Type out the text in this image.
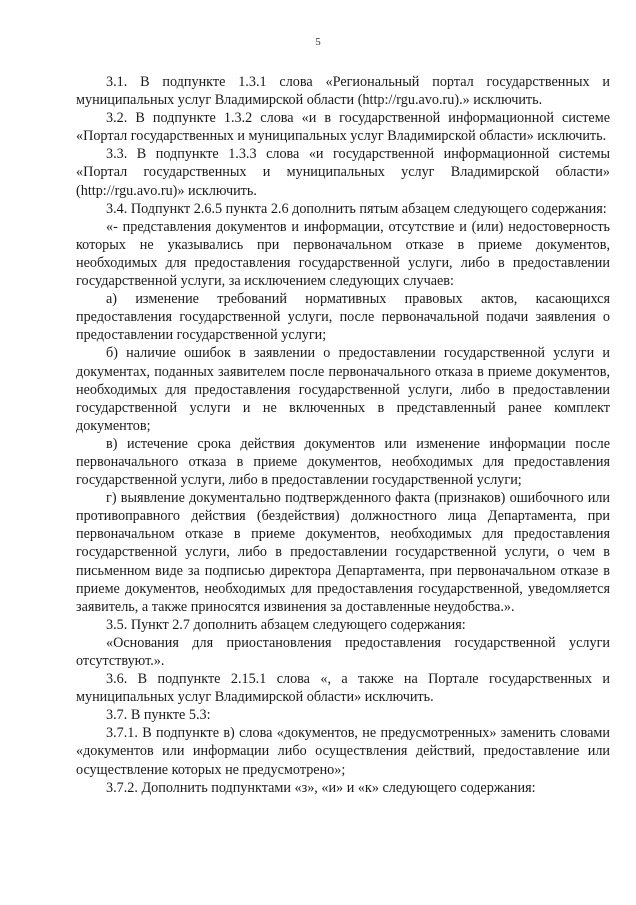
5

3.1. В подпункте 1.3.1 слова «Региональный портал государственных и муниципальных услуг Владимирской области (http://rgu.avo.ru).» исключить.

3.2. В подпункте 1.3.2 слова «и в государственной информационной системе «Портал государственных и муниципальных услуг Владимирской области» исключить.

3.3. В подпункте 1.3.3 слова «и государственной информационной системы «Портал государственных и муниципальных услуг Владимирской области» (http://rgu.avo.ru)» исключить.

3.4. Подпункт 2.6.5 пункта 2.6 дополнить пятым абзацем следующего содержания:

«- представления документов и информации, отсутствие и (или) недостоверность которых не указывались при первоначальном отказе в приеме документов, необходимых для предоставления государственной услуги, либо в предоставлении государственной услуги, за исключением следующих случаев:

а) изменение требований нормативных правовых актов, касающихся предоставления государственной услуги, после первоначальной подачи заявления о предоставлении государственной услуги;

б) наличие ошибок в заявлении о предоставлении государственной услуги и документах, поданных заявителем после первоначального отказа в приеме документов, необходимых для предоставления государственной услуги, либо в предоставлении государственной услуги и не включенных в представленный ранее комплект документов;

в) истечение срока действия документов или изменение информации после первоначального отказа в приеме документов, необходимых для предоставления государственной услуги, либо в предоставлении государственной услуги;

г) выявление документально подтвержденного факта (признаков) ошибочного или противоправного действия (бездействия) должностного лица Департамента, при первоначальном отказе в приеме документов, необходимых для предоставления государственной услуги, либо в предоставлении государственной услуги, о чем в письменном виде за подписью директора Департамента, при первоначальном отказе в приеме документов, необходимых для предоставления государственной, уведомляется заявитель, а также приносятся извинения за доставленные неудобства.».

3.5. Пункт 2.7 дополнить абзацем следующего содержания:

«Основания для приостановления предоставления государственной услуги отсутствуют.».

3.6. В подпункте 2.15.1 слова «, а также на Портале государственных и муниципальных услуг Владимирской области» исключить.

3.7. В пункте 5.3:

3.7.1. В подпункте в) слова «документов, не предусмотренных» заменить словами «документов или информации либо осуществления действий, предоставление или осуществление которых не предусмотрено»;

3.7.2. Дополнить подпунктами «з», «и» и «к» следующего содержания:
